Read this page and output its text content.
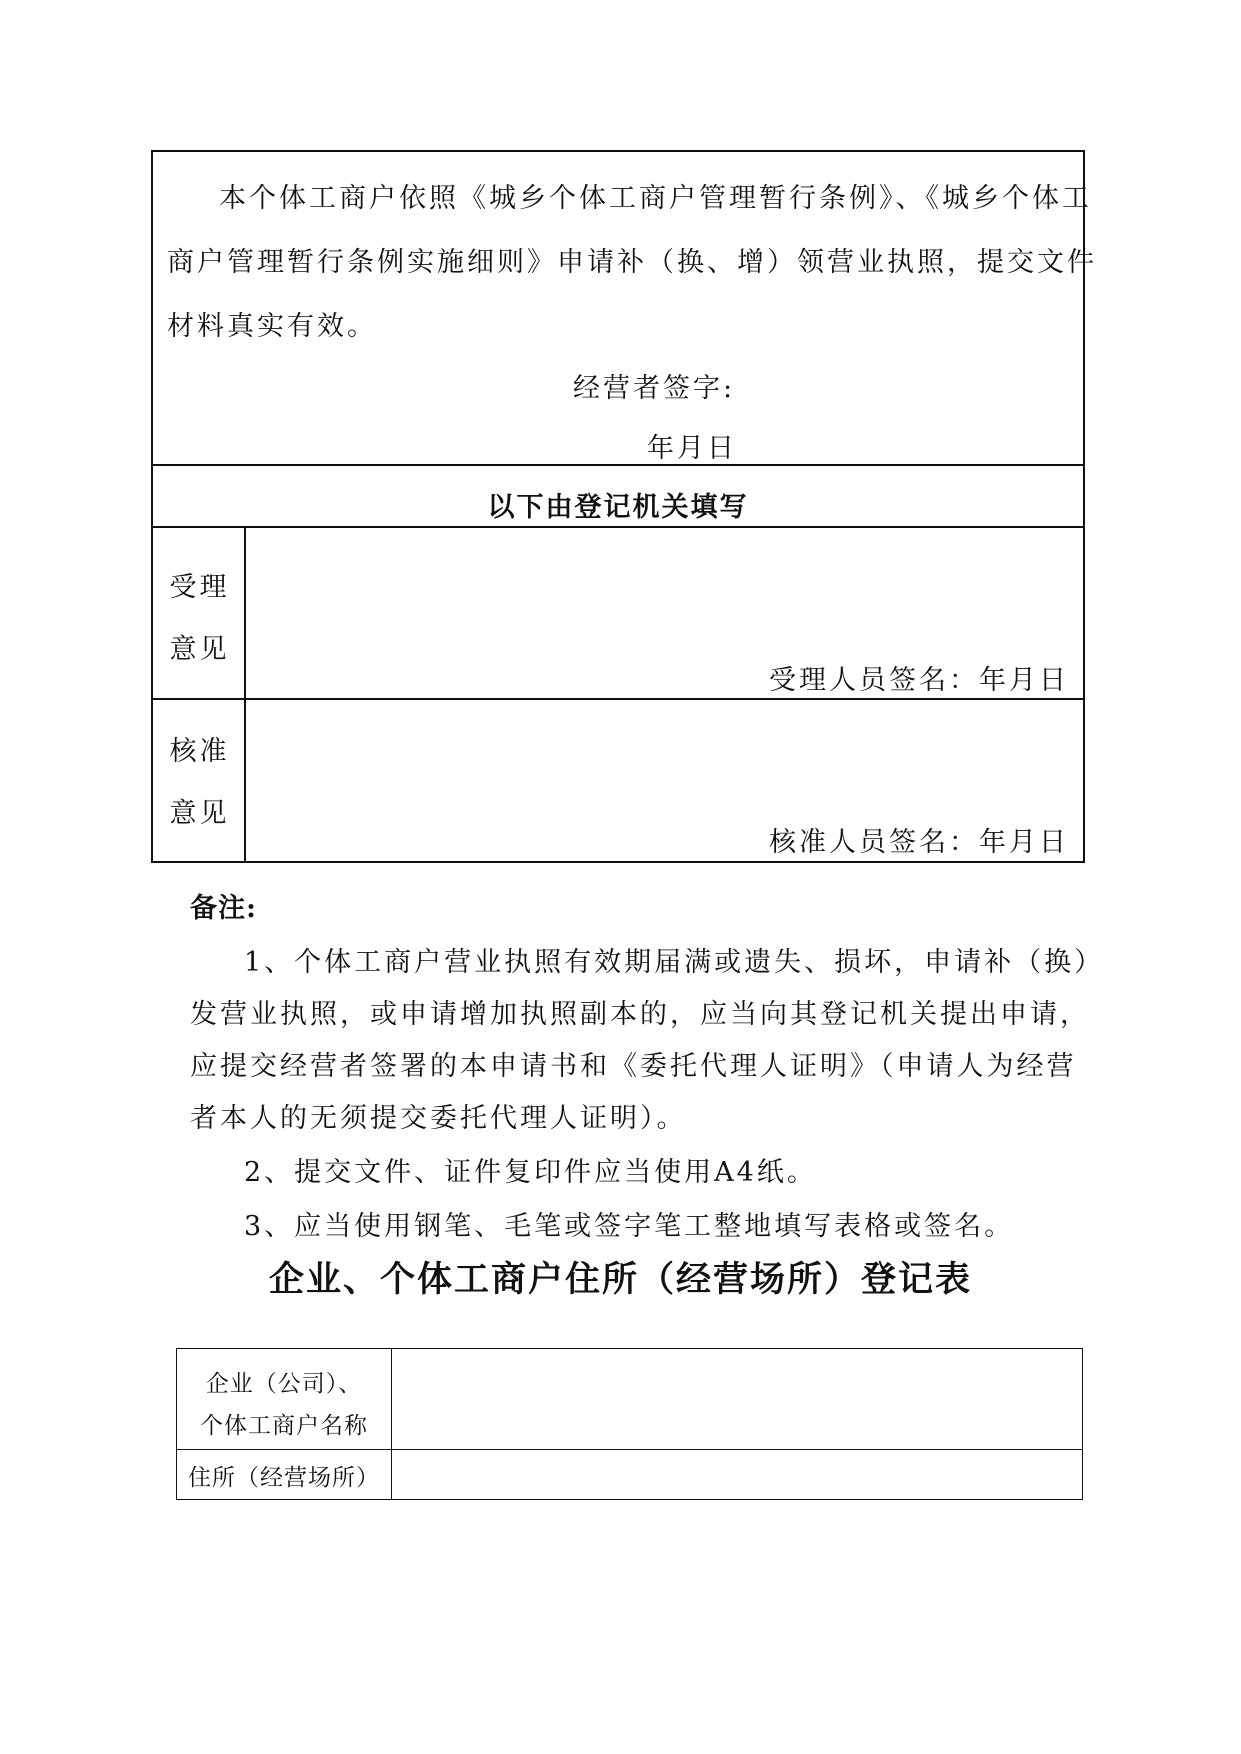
本个体工商户依照《城乡个体工商户管理暂行条例》、《城乡个体工
商户管理暂行条例实施细则》申请补（换、增）领营业执照，提交文件
材料真实有效。
经营者签字:
年月日
以下由登记机关填写
受理
意见
受理人员签名：年月日
核准
意见
核准人员签名：年月日
备注:
1、个体工商户营业执照有效期届满或遗失、损坏，申请补（换）
发营业执照，或申请增加执照副本的，应当向其登记机关提出申请，
应提交经营者签署的本申请书和《委托代理人证明》（申请人为经营
者本人的无须提交委托代理人证明）。
2、提交文件、证件复印件应当使用A4纸。
3、应当使用钢笔、毛笔或签字笔工整地填写表格或签名。
企业、个体工商户住所（经营场所）登记表
企业（公司）、
个体工商户名称
住所（经营场所）
